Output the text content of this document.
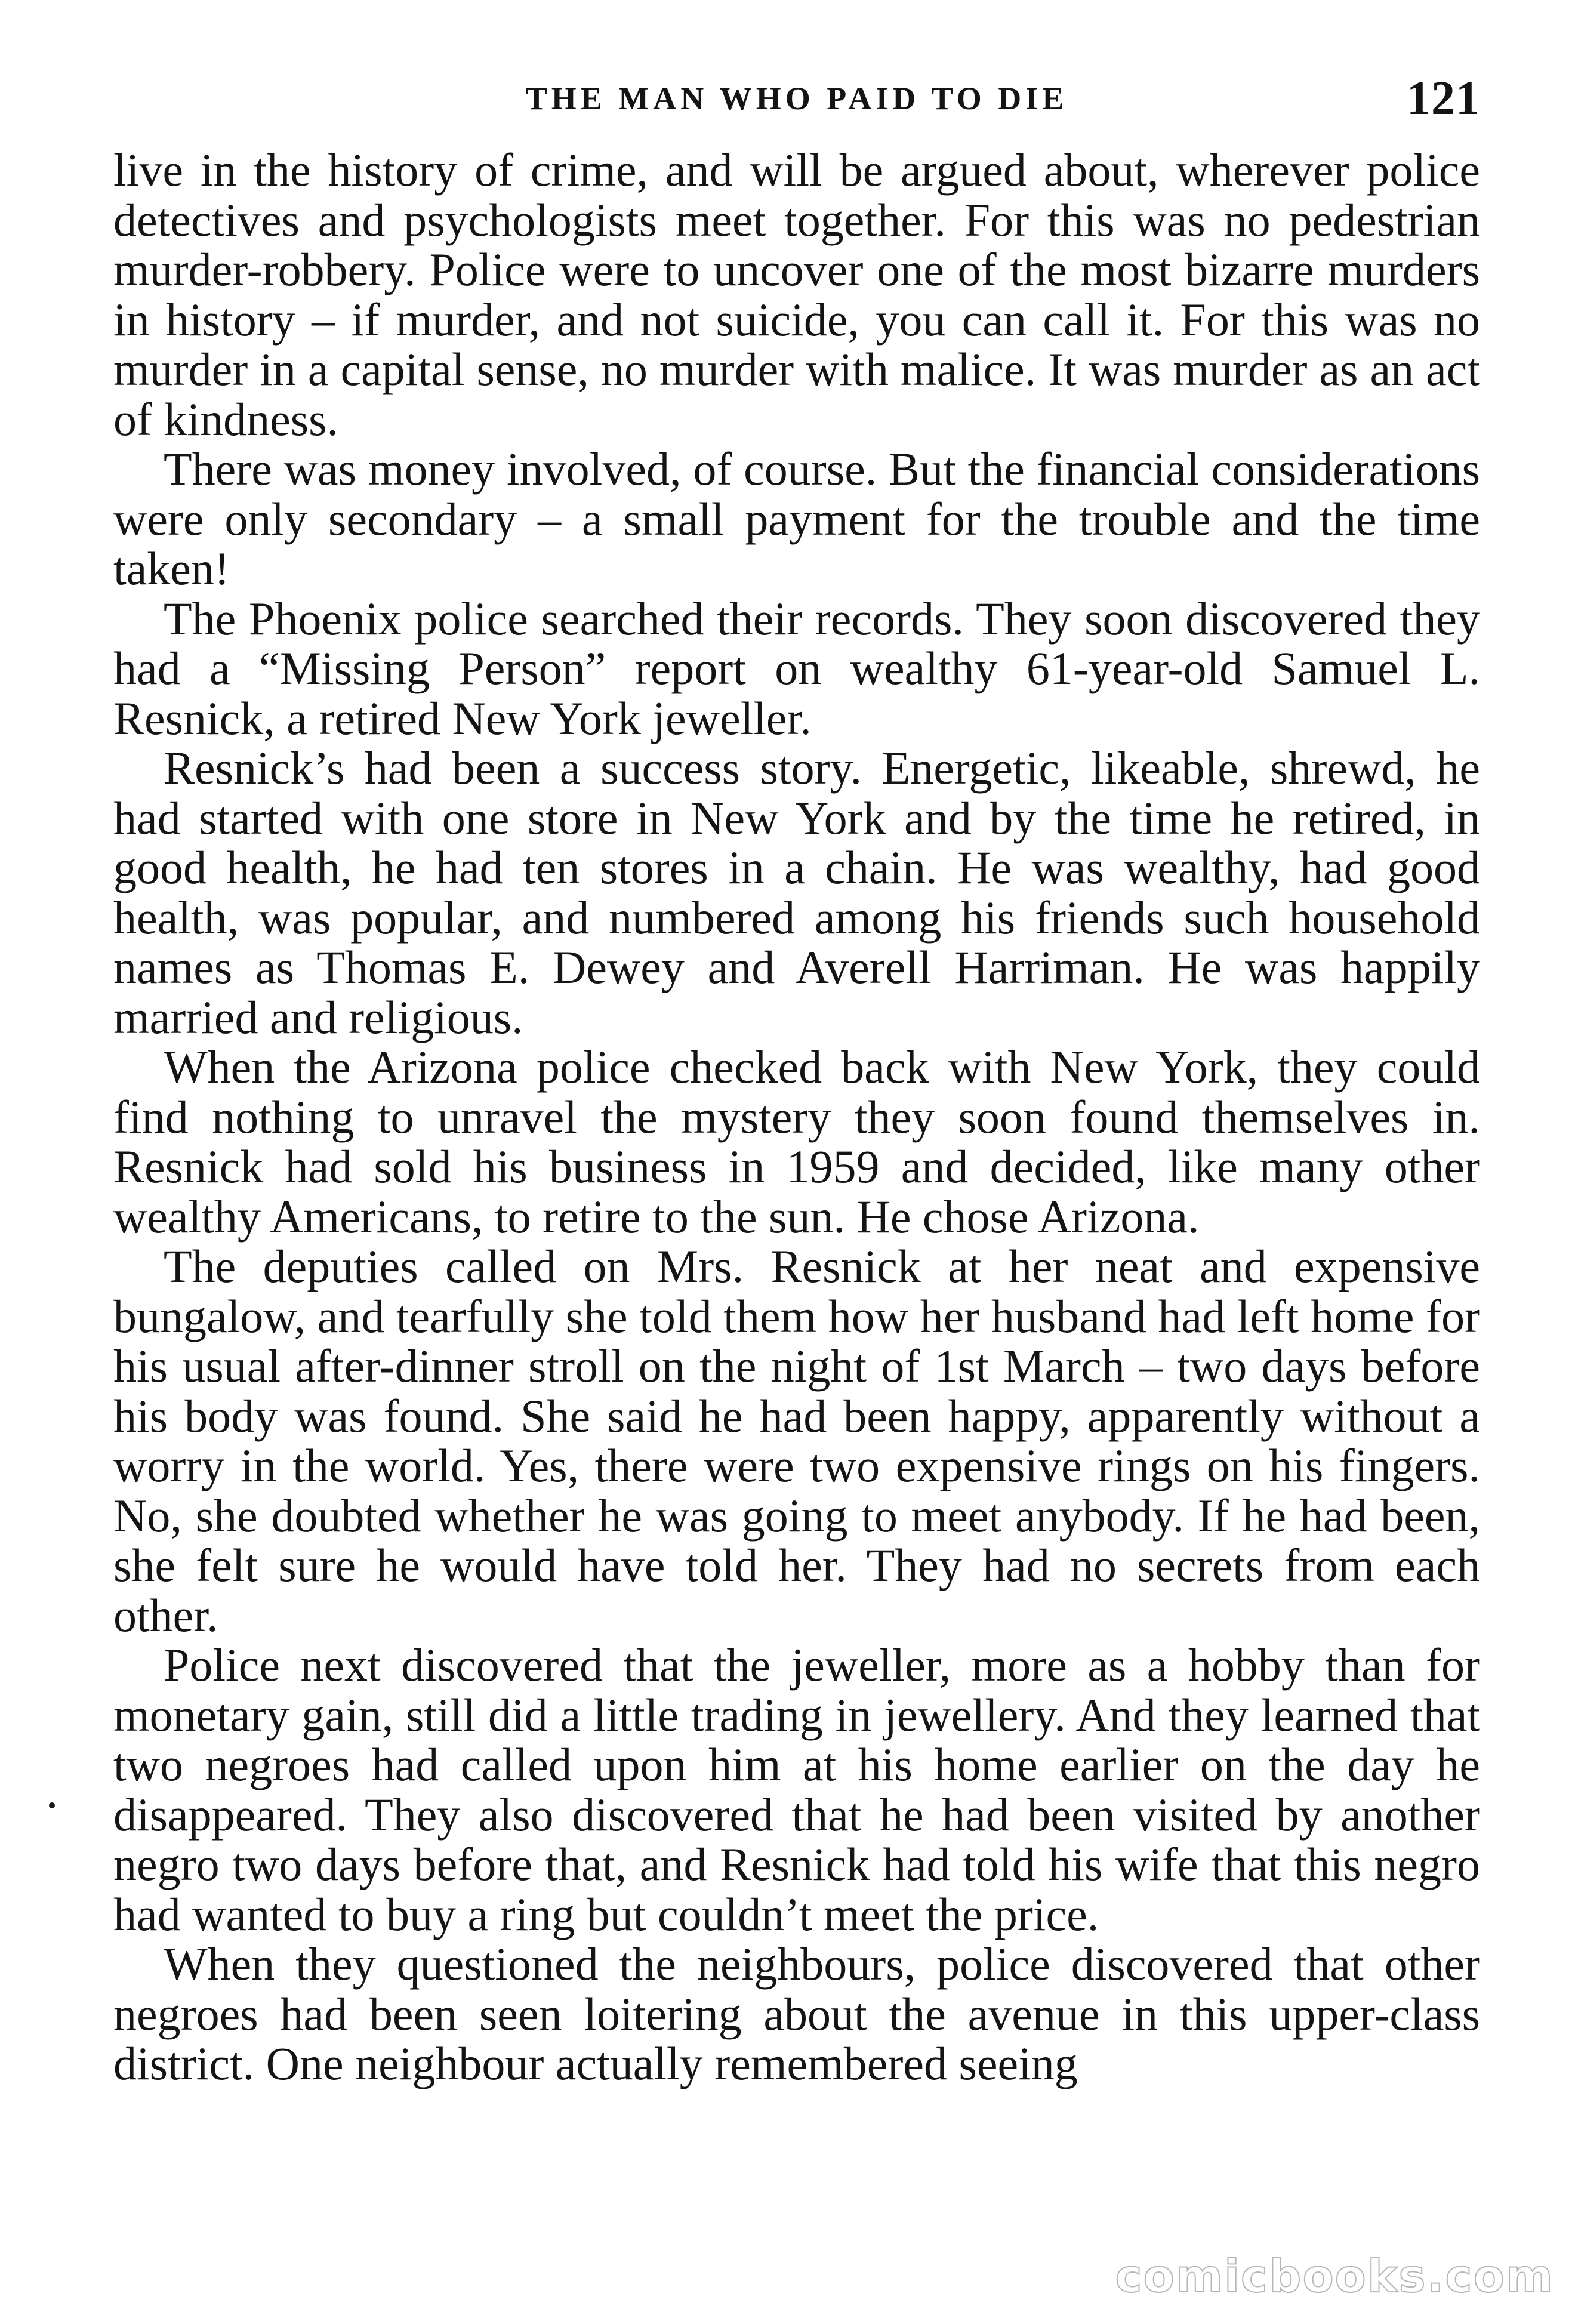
THE MAN WHO PAID TO DIE	121

live in the history of crime, and will be argued about, wherever police detectives and psychologists meet together. For this was no pedestrian murder-robbery. Police were to uncover one of the most bizarre murders in history – if murder, and not suicide, you can call it. For this was no murder in a capital sense, no murder with malice. It was murder as an act of kindness.

There was money involved, of course. But the financial considerations were only secondary – a small payment for the trouble and the time taken!

The Phoenix police searched their records. They soon discovered they had a “Missing Person” report on wealthy 61-year-old Samuel L. Resnick, a retired New York jeweller.

Resnick’s had been a success story. Energetic, likeable, shrewd, he had started with one store in New York and by the time he retired, in good health, he had ten stores in a chain. He was wealthy, had good health, was popular, and numbered among his friends such household names as Thomas E. Dewey and Averell Harriman. He was happily married and religious.

When the Arizona police checked back with New York, they could find nothing to unravel the mystery they soon found themselves in. Resnick had sold his business in 1959 and decided, like many other wealthy Americans, to retire to the sun. He chose Arizona.

The deputies called on Mrs. Resnick at her neat and expensive bungalow, and tearfully she told them how her husband had left home for his usual after-dinner stroll on the night of 1st March – two days before his body was found. She said he had been happy, apparently without a worry in the world. Yes, there were two expensive rings on his fingers. No, she doubted whether he was going to meet anybody. If he had been, she felt sure he would have told her. They had no secrets from each other.

Police next discovered that the jeweller, more as a hobby than for monetary gain, still did a little trading in jewellery. And they learned that two negroes had called upon him at his home earlier on the day he disappeared. They also discovered that he had been visited by another negro two days before that, and Resnick had told his wife that this negro had wanted to buy a ring but couldn’t meet the price.

When they questioned the neighbours, police discovered that other negroes had been seen loitering about the avenue in this upper-class district. One neighbour actually remembered seeing

comicbooks.com
